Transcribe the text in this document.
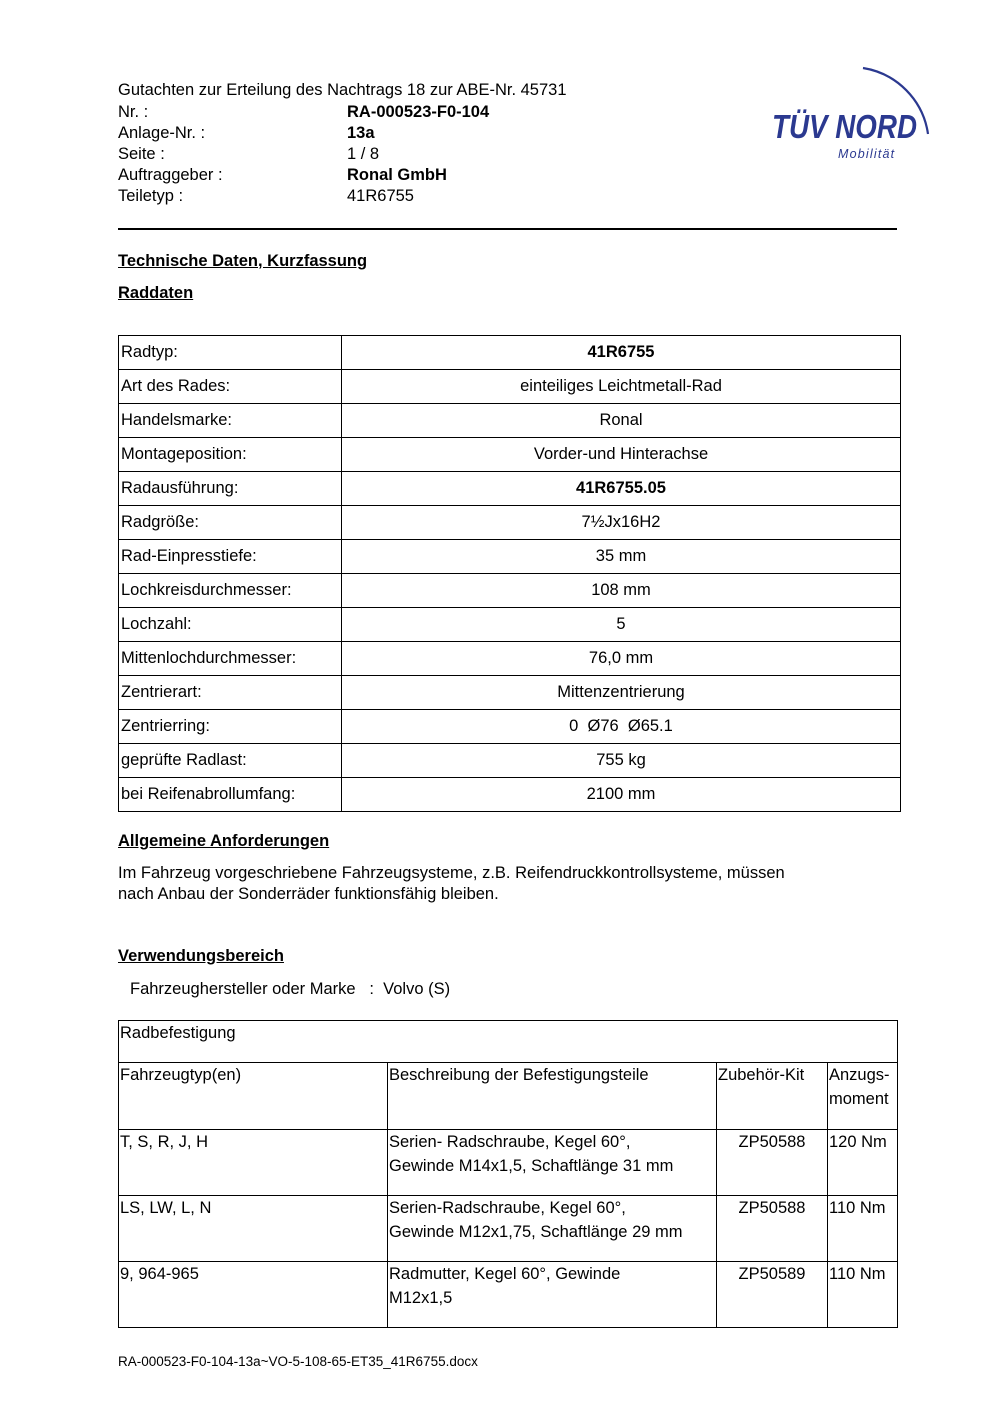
Gutachten zur Erteilung des Nachtrags 18 zur ABE-Nr. 45731
Nr. :	RA-000523-F0-104
Anlage-Nr. :	13a
Seite :	1 / 8
Auftraggeber :	Ronal GmbH
Teiletyp :	41R6755
TÜV NORD
Mobilität
Technische Daten, Kurzfassung
Raddaten
Radtyp:	41R6755
Art des Rades:	einteiliges Leichtmetall-Rad
Handelsmarke:	Ronal
Montageposition:	Vorder-und Hinterachse
Radausführung:	41R6755.05
Radgröße:	7½Jx16H2
Rad-Einpresstiefe:	35 mm
Lochkreisdurchmesser:	108 mm
Lochzahl:	5
Mittenlochdurchmesser:	76,0 mm
Zentrierart:	Mittenzentrierung
Zentrierring:	0  Ø76  Ø65.1
geprüfte Radlast:	755 kg
bei Reifenabrollumfang:	2100 mm
Allgemeine Anforderungen
Im Fahrzeug vorgeschriebene Fahrzeugsysteme, z.B. Reifendruckkontrollsysteme, müssen
nach Anbau der Sonderräder funktionsfähig bleiben.
Verwendungsbereich
Fahrzeughersteller oder Marke :  Volvo (S)
Radbefestigung			
Fahrzeugtyp(en)	Beschreibung der Befestigungsteile	Zubehör-Kit	Anzugs-
moment

T, S, R, J, H	Serien- Radschraube, Kegel 60°,
Gewinde M14x1,5, Schaftlänge 31 mm	ZP50588	120 Nm
LS, LW, L, N	Serien-Radschraube, Kegel 60°,
Gewinde M12x1,75, Schaftlänge 29 mm	ZP50588	110 Nm
9, 964-965	Radmutter, Kegel 60°, Gewinde
M12x1,5	ZP50589	110 Nm
RA-000523-F0-104-13a~VO-5-108-65-ET35_41R6755.docx
